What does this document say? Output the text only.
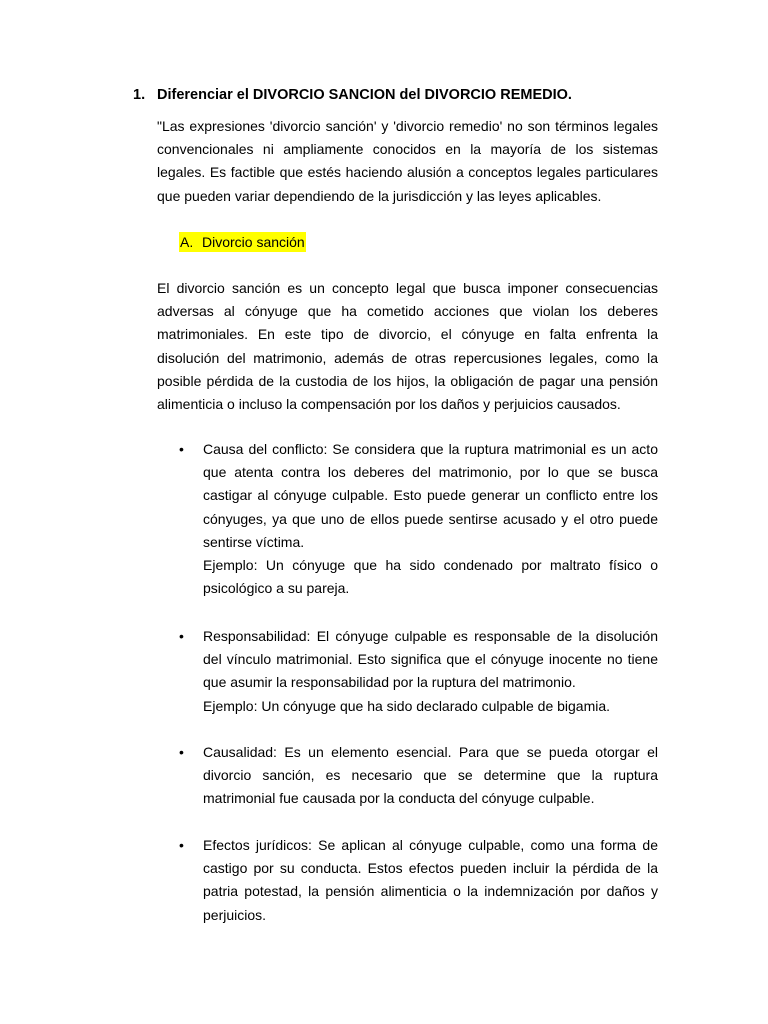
1. Diferenciar el DIVORCIO SANCION del DIVORCIO REMEDIO.
"Las expresiones 'divorcio sanción' y 'divorcio remedio' no son términos legales
convencionales ni ampliamente conocidos en la mayoría de los sistemas
legales. Es factible que estés haciendo alusión a conceptos legales particulares
que pueden variar dependiendo de la jurisdicción y las leyes aplicables.
A. Divorcio sanción
El divorcio sanción es un concepto legal que busca imponer consecuencias
adversas al cónyuge que ha cometido acciones que violan los deberes
matrimoniales. En este tipo de divorcio, el cónyuge en falta enfrenta la
disolución del matrimonio, además de otras repercusiones legales, como la
posible pérdida de la custodia de los hijos, la obligación de pagar una pensión
alimenticia o incluso la compensación por los daños y perjuicios causados.
•	Causa del conflicto: Se considera que la ruptura matrimonial es un acto
que atenta contra los deberes del matrimonio, por lo que se busca
castigar al cónyuge culpable. Esto puede generar un conflicto entre los
cónyuges, ya que uno de ellos puede sentirse acusado y el otro puede
sentirse víctima.
Ejemplo: Un cónyuge que ha sido condenado por maltrato físico o
psicológico a su pareja.
•	Responsabilidad: El cónyuge culpable es responsable de la disolución
del vínculo matrimonial. Esto significa que el cónyuge inocente no tiene
que asumir la responsabilidad por la ruptura del matrimonio.
Ejemplo: Un cónyuge que ha sido declarado culpable de bigamia.
•	Causalidad: Es un elemento esencial. Para que se pueda otorgar el
divorcio sanción, es necesario que se determine que la ruptura
matrimonial fue causada por la conducta del cónyuge culpable.
•	Efectos jurídicos: Se aplican al cónyuge culpable, como una forma de
castigo por su conducta. Estos efectos pueden incluir la pérdida de la
patria potestad, la pensión alimenticia o la indemnización por daños y
perjuicios.
